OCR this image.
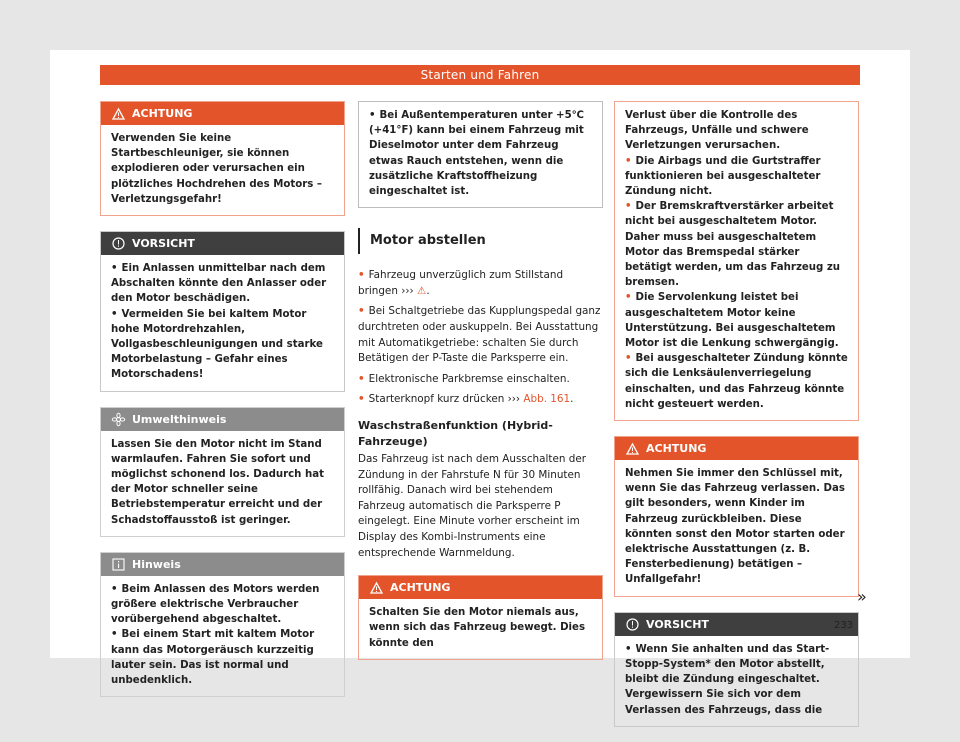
Starten und Fahren
ACHTUNG
Verwenden Sie keine Startbeschleuniger, sie können explodieren oder verursachen ein plötzliches Hochdrehen des Motors – Verletzungsgefahr!
VORSICHT
• Ein Anlassen unmittelbar nach dem Abschalten könnte den Anlasser oder den Motor beschädigen.
• Vermeiden Sie bei kaltem Motor hohe Motordrehzahlen, Vollgasbeschleunigungen und starke Motorbelastung – Gefahr eines Motorschadens!
Umwelthinweis
Lassen Sie den Motor nicht im Stand warmlaufen. Fahren Sie sofort und möglichst schonend los. Dadurch hat der Motor schneller seine Betriebstemperatur erreicht und der Schadstoffausstoß ist geringer.
Hinweis
• Beim Anlassen des Motors werden größere elektrische Verbraucher vorübergehend abgeschaltet.
• Bei einem Start mit kaltem Motor kann das Motorgeräusch kurzzeitig lauter sein. Das ist normal und unbedenklich.
• Bei Außentemperaturen unter +5℃ (+41°F) kann bei einem Fahrzeug mit Dieselmotor unter dem Fahrzeug etwas Rauch entstehen, wenn die zusätzliche Kraftstoffheizung eingeschaltet ist.
Motor abstellen
• Fahrzeug unverzüglich zum Stillstand bringen ››› ⚠.
• Bei Schaltgetriebe das Kupplungspedal ganz durchtreten oder auskuppeln. Bei Ausstattung mit Automatikgetriebe: schalten Sie durch Betätigen der P-Taste die Parksperre ein.
• Elektronische Parkbremse einschalten.
• Starterknopf kurz drücken ››› Abb. 161.
Waschstraßenfunktion (Hybrid-Fahrzeuge)
Das Fahrzeug ist nach dem Ausschalten der Zündung in der Fahrstufe N für 30 Minuten rollfähig. Danach wird bei stehendem Fahrzeug automatisch die Parksperre P eingelegt. Eine Minute vorher erscheint im Display des Kombi-Instruments eine entsprechende Warnmeldung.
ACHTUNG
Schalten Sie den Motor niemals aus, wenn sich das Fahrzeug bewegt. Dies könnte den
Verlust über die Kontrolle des Fahrzeugs, Unfälle und schwere Verletzungen verursachen.
• Die Airbags und die Gurtstraffer funktionieren bei ausgeschalteter Zündung nicht.
• Der Bremskraftverstärker arbeitet nicht bei ausgeschaltetem Motor. Daher muss bei ausgeschaltetem Motor das Bremspedal stärker betätigt werden, um das Fahrzeug zu bremsen.
• Die Servolenkung leistet bei ausgeschaltetem Motor keine Unterstützung. Bei ausgeschaltetem Motor ist die Lenkung schwergängig.
• Bei ausgeschalteter Zündung könnte sich die Lenksäulenverriegelung einschalten, und das Fahrzeug könnte nicht gesteuert werden.
ACHTUNG
Nehmen Sie immer den Schlüssel mit, wenn Sie das Fahrzeug verlassen. Das gilt besonders, wenn Kinder im Fahrzeug zurückbleiben. Diese könnten sonst den Motor starten oder elektrische Ausstattungen (z. B. Fensterbedienung) betätigen – Unfallgefahr!
VORSICHT
• Wenn Sie anhalten und das Start-Stopp-System* den Motor abstellt, bleibt die Zündung eingeschaltet. Vergewissern Sie sich vor dem Verlassen des Fahrzeugs, dass die
»
233
